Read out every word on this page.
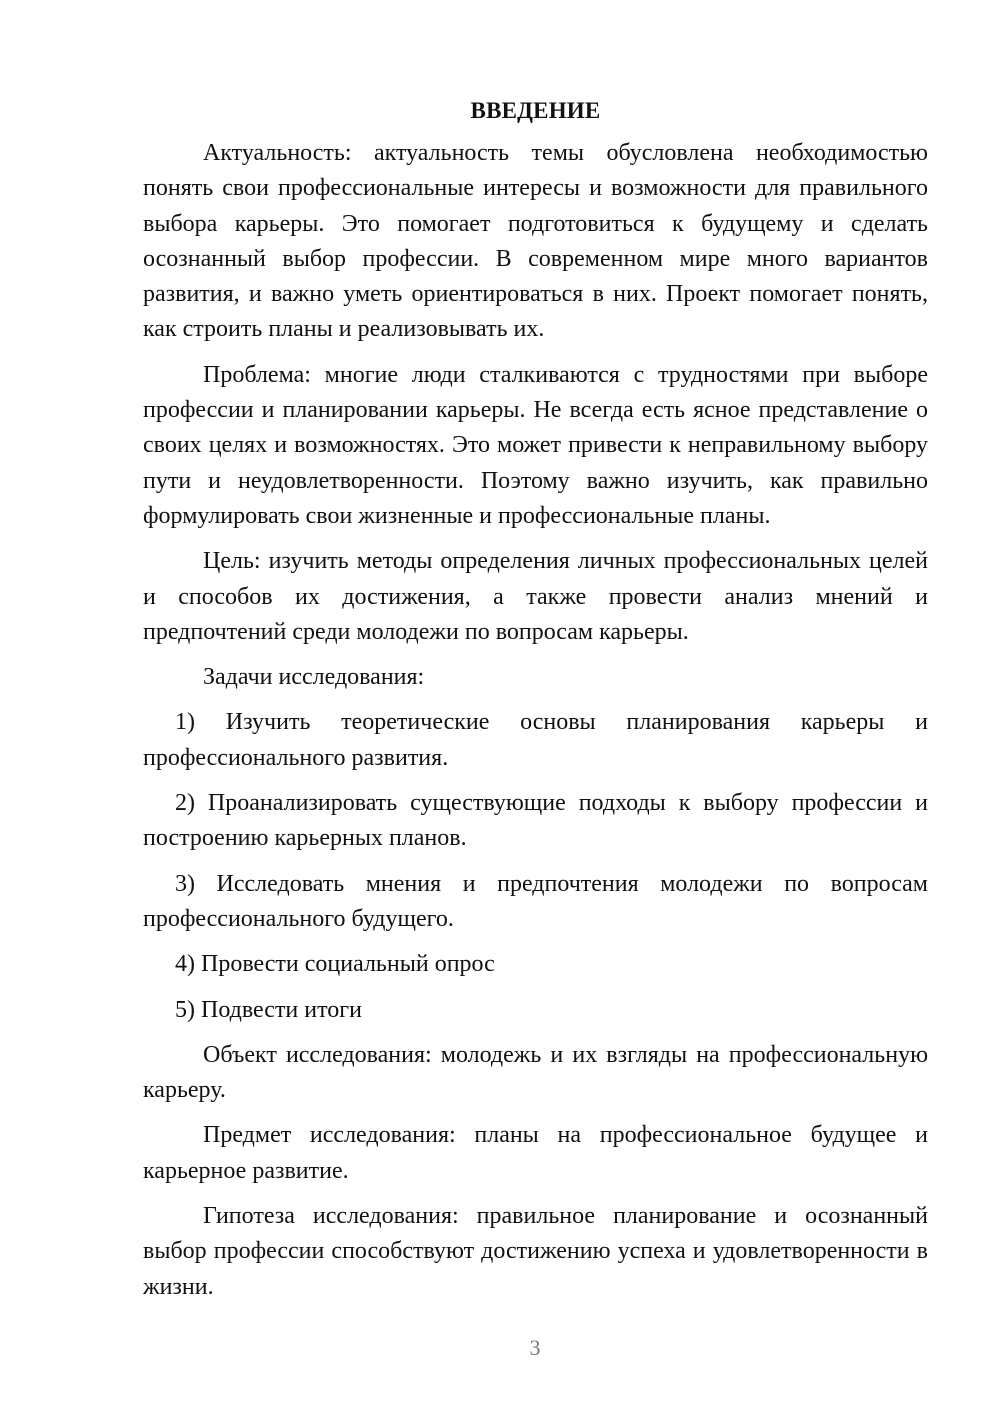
ВВЕДЕНИЕ

Актуальность: актуальность темы обусловлена необходимостью понять свои профессиональные интересы и возможности для правильного выбора карьеры. Это помогает подготовиться к будущему и сделать осознанный выбор профессии. В современном мире много вариантов развития, и важно уметь ориентироваться в них. Проект помогает понять, как строить планы и реализовывать их.

Проблема: многие люди сталкиваются с трудностями при выборе профессии и планировании карьеры. Не всегда есть ясное представление о своих целях и возможностях. Это может привести к неправильному выбору пути и неудовлетворенности. Поэтому важно изучить, как правильно формулировать свои жизненные и профессиональные планы.

Цель: изучить методы определения личных профессиональных целей и способов их достижения, а также провести анализ мнений и предпочтений среди молодежи по вопросам карьеры.

Задачи исследования:

1) Изучить теоретические основы планирования карьеры и профессионального развития.

2) Проанализировать существующие подходы к выбору профессии и построению карьерных планов.

3) Исследовать мнения и предпочтения молодежи по вопросам профессионального будущего.

4) Провести социальный опрос

5) Подвести итоги

Объект исследования: молодежь и их взгляды на профессиональную карьеру.

Предмет исследования: планы на профессиональное будущее и карьерное развитие.

Гипотеза исследования: правильное планирование и осознанный выбор профессии способствуют достижению успеха и удовлетворенности в жизни.

3
